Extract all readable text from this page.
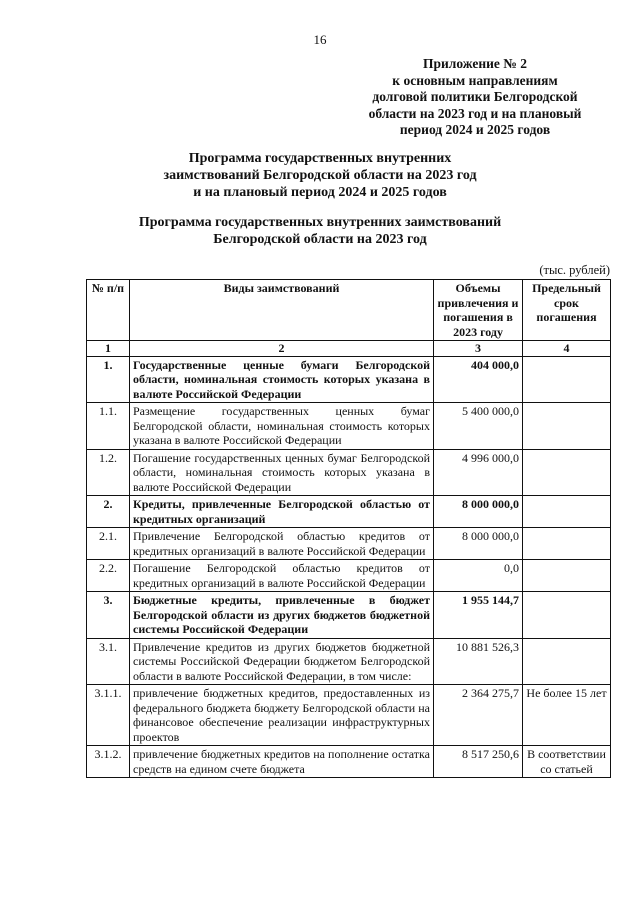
16
Приложение № 2
к основным направлениям
долговой политики Белгородской
области на 2023 год и на плановый
период 2024 и 2025 годов
Программа государственных внутренних
заимствований Белгородской области на 2023 год
и на плановый период 2024 и 2025 годов
Программа государственных внутренних заимствований
Белгородской области на 2023 год
(тыс. рублей)
№ п/п	Виды заимствований	Объемы привлечения и погашения в 2023 году	Предельный срок погашения
1	2	3	4
1.	Государственные ценные бумаги Белгородской области, номинальная стоимость которых указана в валюте Российской Федерации	404 000,0	
1.1.	Размещение государственных ценных бумаг Белгородской области, номинальная стоимость которых указана в валюте Российской Федерации	5 400 000,0	
1.2.	Погашение государственных ценных бумаг Белгородской области, номинальная стоимость которых указана в валюте Российской Федерации	4 996 000,0	
2.	Кредиты, привлеченные Белгородской областью от кредитных организаций	8 000 000,0	
2.1.	Привлечение Белгородской областью кредитов от кредитных организаций в валюте Российской Федерации	8 000 000,0	
2.2.	Погашение Белгородской областью кредитов от кредитных организаций в валюте Российской Федерации	0,0	
3.	Бюджетные кредиты, привлеченные в бюджет Белгородской области из других бюджетов бюджетной системы Российской Федерации	1 955 144,7	
3.1.	Привлечение кредитов из других бюджетов бюджетной системы Российской Федерации бюджетом Белгородской области в валюте Российской Федерации, в том числе:	10 881 526,3	
3.1.1.	привлечение бюджетных кредитов, предоставленных из федерального бюджета бюджету Белгородской области на финансовое обеспечение реализации инфраструктурных проектов	2 364 275,7	Не более 15 лет
3.1.2.	привлечение бюджетных кредитов на пополнение остатка средств на едином счете бюджета	8 517 250,6	В соответствии со статьей
